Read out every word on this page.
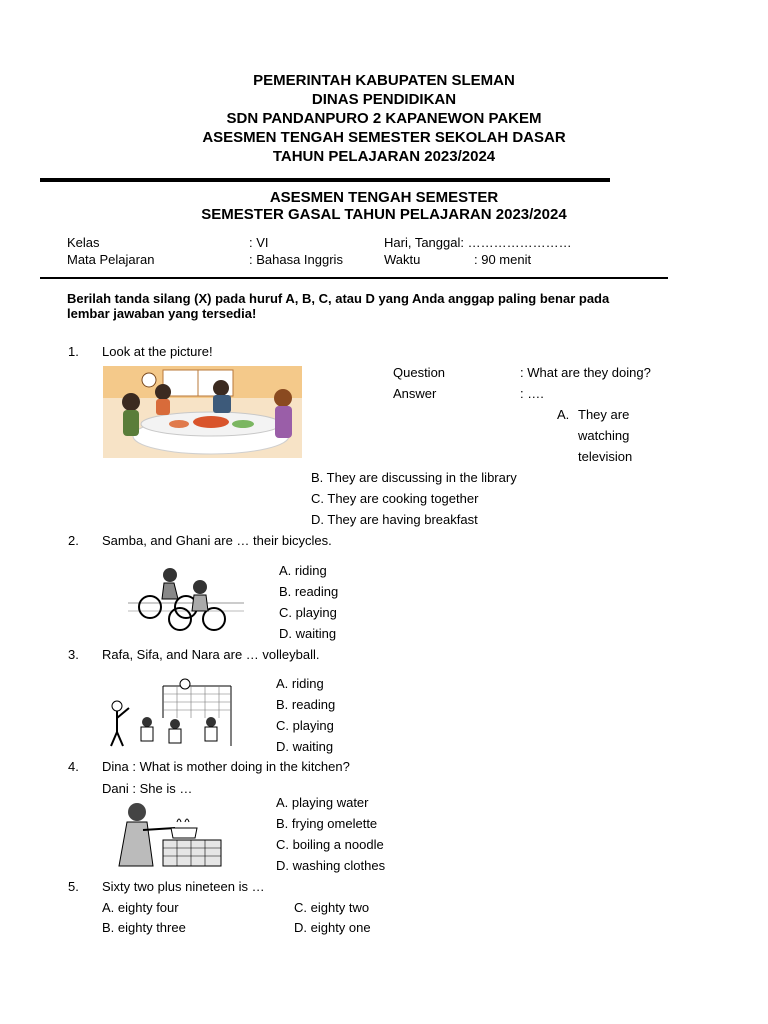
PEMERINTAH KABUPATEN SLEMAN
DINAS PENDIDIKAN
SDN PANDANPURO 2 KAPANEWON PAKEM
ASESMEN TENGAH SEMESTER SEKOLAH DASAR
TAHUN PELAJARAN 2023/2024
ASESMEN TENGAH SEMESTER
SEMESTER GASAL TAHUN PELAJARAN 2023/2024
Kelas	: VI	Hari, Tanggal: ……………………
Mata Pelajaran	: Bahasa Inggris	Waktu	: 90 menit
Berilah tanda silang (X) pada huruf A, B, C, atau D yang Anda anggap paling benar pada
lembar jawaban yang tersedia!
1. Look at the picture!
Question	: What are they doing?
Answer	: ….
A. They are
watching
television
B. They are discussing in the library
C. They are cooking together
D. They are having breakfast
2. Samba, and Ghani are … their bicycles.
A. riding
B. reading
C. playing
D. waiting
3. Rafa, Sifa, and Nara are … volleyball.
A. riding
B. reading
C. playing
D. waiting
4. Dina : What is mother doing in the kitchen?
Dani : She is …
A. playing water
B. frying omelette
C. boiling a noodle
D. washing clothes
5. Sixty two plus nineteen is …
A. eighty four
B. eighty three
C. eighty two
D. eighty one
